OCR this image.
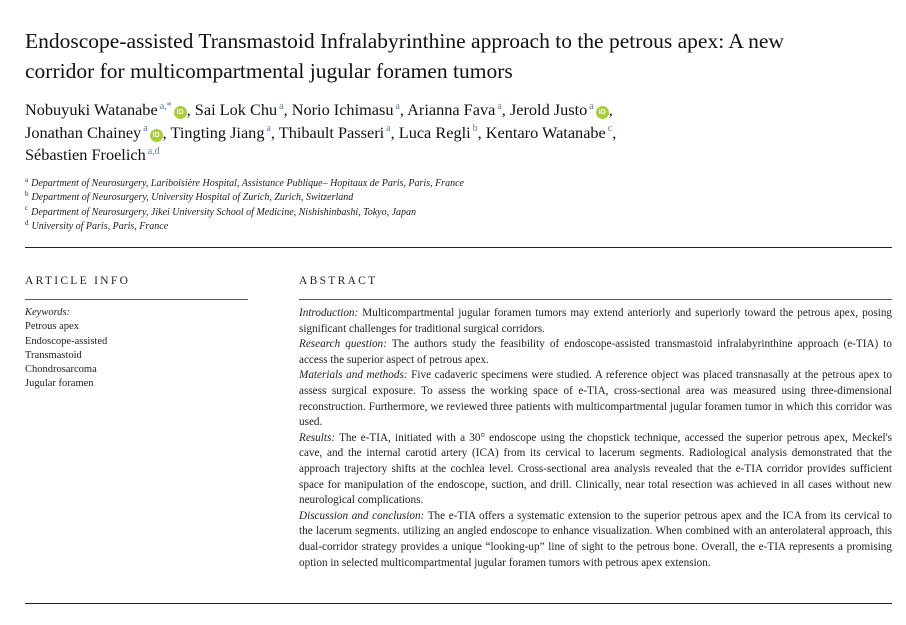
Endoscope-assisted Transmastoid Infralabyrinthine approach to the petrous apex: A new corridor for multicompartmental jugular foramen tumors
Nobuyuki Watanabe $^{a,*}$iD , Sai Lok Chu $^a$, Norio Ichimasu $^a$, Arianna Fava $^a$, Jerold Justo $^a$iD ,
Jonathan Chainey $^a$iD , Tingting Jiang $^a$, Thibault Passeri $^a$, Luca Regli $^b$, Kentaro Watanabe $^c$,
Sébastien Froelich $^{a,d}$
$^a$ Department of Neurosurgery, Lariboisière Hospital, Assistance Publique– Hopitaux de Paris, Paris, France
$^b$ Department of Neurosurgery, University Hospital of Zurich, Zurich, Switzerland
$^c$ Department of Neurosurgery, Jikei University School of Medicine, Nishishinbashi, Tokyo, Japan
$^d$ University of Paris, Paris, France
ARTICLE INFO	ABSTRACT
Keywords:
Petrous apex
Endoscope-assisted
Transmastoid
Chondrosarcoma
Jugular foramen

Introduction: Multicompartmental jugular foramen tumors may extend anteriorly and superiorly toward the petrous apex, posing significant challenges for traditional surgical corridors.

Research question: The authors study the feasibility of endoscope-assisted transmastoid infralabyrinthine approach (e-TIA) to access the superior aspect of petrous apex.

Materials and methods: Five cadaveric specimens were studied. A reference object was placed transnasally at the petrous apex to assess surgical exposure. To assess the working space of e-TIA, cross-sectional area was measured using three-dimensional reconstruction. Furthermore, we reviewed three patients with multicompartmental jugular foramen tumor in which this corridor was used.

Results: The e-TIA, initiated with a 30° endoscope using the chopstick technique, accessed the superior petrous apex, Meckel's cave, and the internal carotid artery (ICA) from its cervical to lacerum segments. Radiological analysis demonstrated that the approach trajectory shifts at the cochlea level. Cross-sectional area analysis revealed that the e-TIA corridor provides sufficient space for manipulation of the endoscope, suction, and drill. Clinically, near total resection was achieved in all cases without new neurological complications.

Discussion and conclusion: The e-TIA offers a systematic extension to the superior petrous apex and the ICA from its cervical to the lacerum segments. utilizing an angled endoscope to enhance visualization. When combined with an anterolateral approach, this dual-corridor strategy provides a unique “looking-up” line of sight to the petrous bone. Overall, the e-TIA represents a promising option in selected multicompartmental jugular foramen tumors with petrous apex extension.
